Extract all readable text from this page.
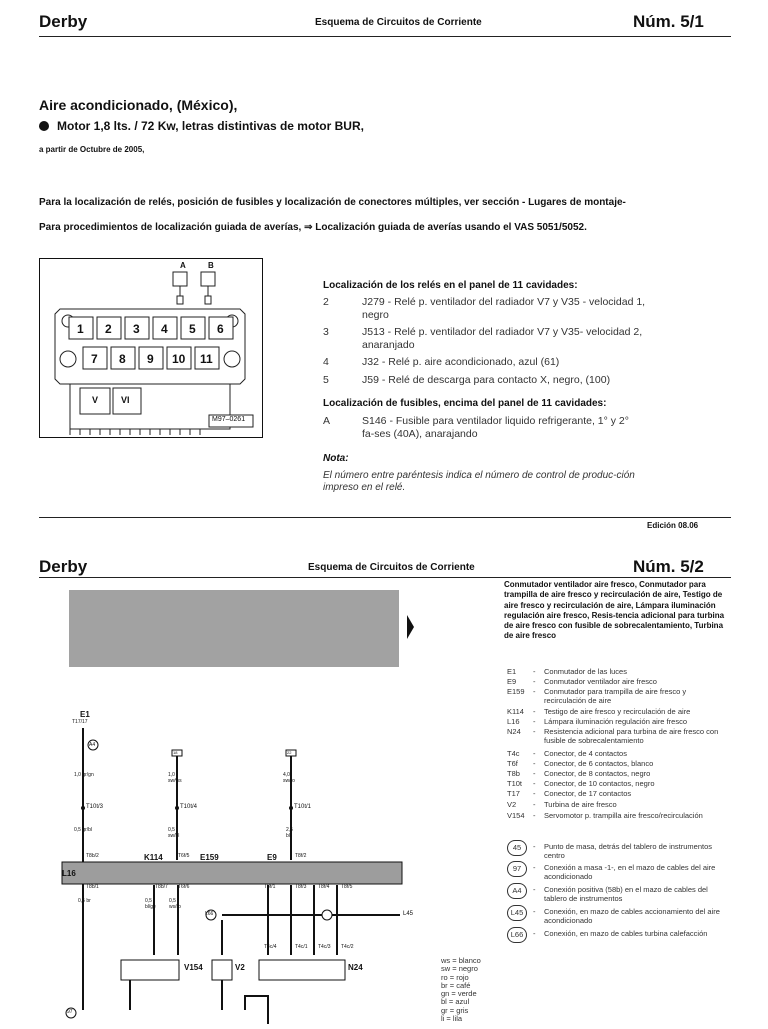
Derby	Esquema de Circuitos de Corriente	Núm. 5/1
Aire acondicionado, (México),
Motor 1,8 lts. / 72 Kw, letras distintivas de motor BUR,
a partir de Octubre de 2005,
Para la localización de relés, posición de fusibles y localización de conectores múltiples, ver sección - Lugares de montaje-
Para procedimientos de localización guiada de averías, ⇒ Localización guiada de averías usando el VAS 5051/5052.
A	B
1 2 3 4 5 6
7 8 9 10 11
V	VI
M97–0261
Localización de los relés en el panel de 11 cavidades:
2	J279 - Relé p. ventilador del radiador V7 y V35 - velocidad 1, negro
3	J513 - Relé p. ventilador del radiador V7 y V35- velocidad 2, anaranjado
4	J32 - Relé p. aire acondicionado, azul (61)
5	J59 - Relé de descarga para contacto X, negro, (100)
Localización de fusibles, encima del panel de 11 cavidades:
A	S146 - Fusible para ventilador liquido refrigerante, 1° y 2° fa-ses (40A), anarajando
Nota:
El número entre paréntesis indica el número de control de produc-ción impreso en el relé.
Edición 08.06
Derby	Esquema de Circuitos de Corriente	Núm. 5/2
Conmutador ventilador aire fresco, Conmutador para trampilla de aire fresco y recirculación de aire, Testigo de aire fresco y recirculación de aire, Lámpara iluminación regulación aire fresco, Resis-tencia adicional para turbina de aire fresco con fusible de sobrecalentamiento, Turbina de aire fresco
E1 - Conmutador de las luces
E9 - Conmutador ventilador aire fresco
E159 - Conmutador para trampilla de aire fresco y recirculación de aire
K114 - Testigo de aire fresco y recirculación de aire
L16 - Lámpara iluminación regulación aire fresco
N24 - Resistencia adicional para turbina de aire fresco con fusible de sobrecalentamiento
T4c - Conector, de 4 contactos
T6f - Conector, de 6 contactos, blanco
T8b - Conector, de 8 contactos, negro
T10t - Conector, de 10 contactos, negro
T17 - Conector, de 17 contactos
V2 - Turbina de aire fresco
V154 - Servomotor p. trampilla aire fresco/recirculación
45	- Punto de masa, detrás del tablero de instrumentos centro
97	- Conexión a masa -1-, en el mazo de cables del aire acondicionado
A4	- Conexión positiva (58b) en el mazo de cables del tablero de instrumentos
L45	- Conexión, en mazo de cables accionamiento del aire acondicionado
L66	- Conexión, en mazo de cables turbina calefacción
ws = blanco
sw = negro
ro = rojo
br = café
gn = verde
bl = azul
gr = gris
li = lila
E1
T17/17
A4
1,0 gr/gn
T10t/3
0,5 gr/bl
T8b/2
L16
T8b/1
0,5 br
K114	T6f/5 E159	E9	T8f/2
T6f/6
T8b/7
0,5 bl/ge
0,5 ws/ro
V154	V2	N24
L45
L66
97
1,0 sw/ws
4,0 sw/ro
T10t/4	T10t/1
0,5 sw/bl
2,5 bl
T8f/1	T8f/3 T8f/4 T8f/5
T4c/4	T4c/1 T4c/3 T4c/2
18	22
